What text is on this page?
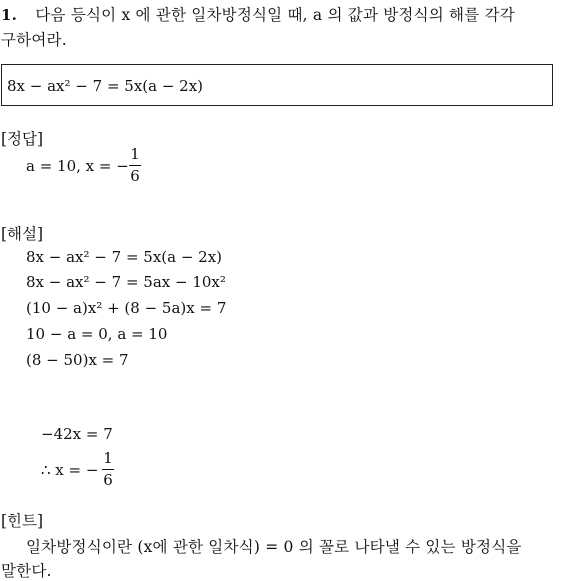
1. 다음 등식이 x 에 관한 일차방정식일 때, a 의 값과 방정식의 해를 각각
구하여라.
8x − ax² − 7 = 5x(a − 2x)
[정답]
a = 10, x = −
1
6
[해설]
8x − ax² − 7 = 5x(a − 2x)
8x − ax² − 7 = 5ax − 10x²
(10 − a)x² + (8 − 5a)x = 7
10 − a = 0, a = 10
(8 − 50)x = 7
−42x = 7
∴ x = −
1
6
[힌트]
일차방정식이란 (x에 관한 일차식) = 0 의 꼴로 나타낼 수 있는 방정식을
말한다.
